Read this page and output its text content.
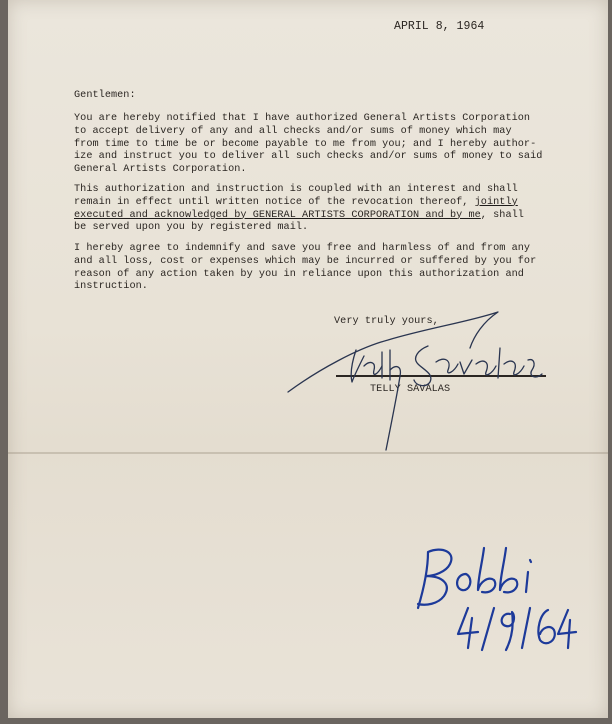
APRIL 8, 1964

Gentlemen:

You are hereby notified that I have authorized General Artists Corporation
to accept delivery of any and all checks and/or sums of money which may
from time to time be or become payable to me from you; and I hereby author-
ize and instruct you to deliver all such checks and/or sums of money to said
General Artists Corporation.
This authorization and instruction is coupled with an interest and shall
remain in effect until written notice of the revocation thereof, jointly
executed and acknowledged by GENERAL ARTISTS CORPORATION and by me, shall
be served upon you by registered mail.
I hereby agree to indemnify and save you free and harmless of and from any
and all loss, cost or expenses which may be incurred or suffered by you for
reason of any action taken by you in reliance upon this authorization and
instruction.

Very truly yours,

TELLY SAVALAS
